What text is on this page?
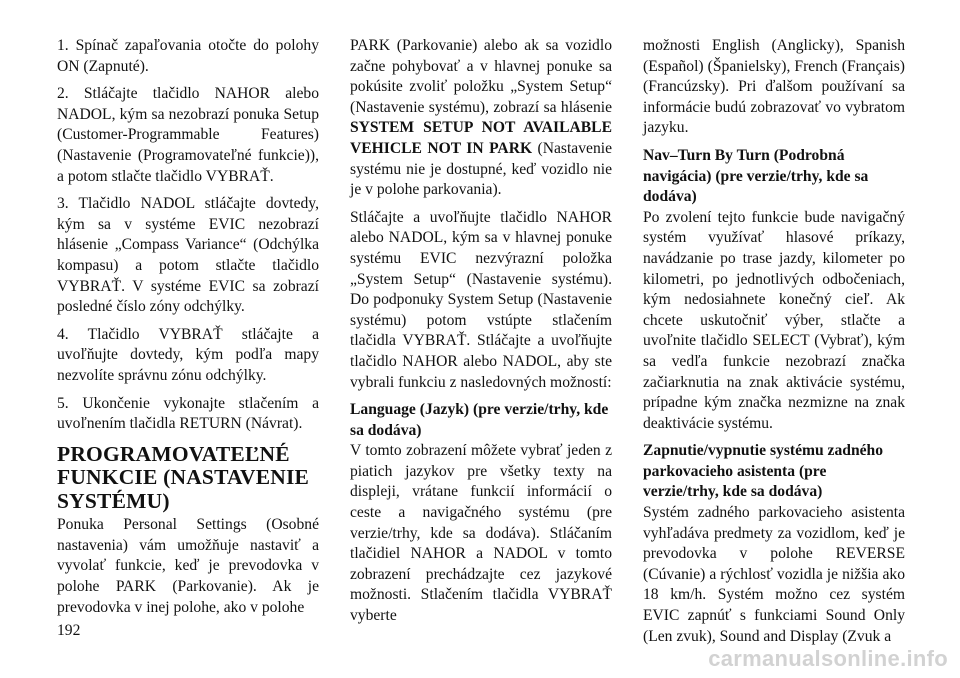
1. Spínač zapaľovania otočte do polohy ON (Zapnuté).

2. Stláčajte tlačidlo NAHOR alebo NADOL, kým sa nezobrazí ponuka Setup (Customer-Programmable Features) (Nastavenie (Programovateľné funkcie)), a potom stlačte tlačidlo VYBRAŤ.

3. Tlačidlo NADOL stláčajte dovtedy, kým sa v systéme EVIC nezobrazí hlásenie „Compass Variance“ (Odchýlka kompasu) a potom stlačte tlačidlo VYBRAŤ. V systéme EVIC sa zobrazí posledné číslo zóny odchýlky.

4. Tlačidlo VYBRAŤ stláčajte a uvoľňujte dovtedy, kým podľa mapy nezvolíte správnu zónu odchýlky.

5. Ukončenie vykonajte stlačením a uvoľnením tlačidla RETURN (Návrat).

PROGRAMOVATEĽNÉ FUNKCIE (NASTAVENIE SYSTÉMU)

Ponuka Personal Settings (Osobné nastavenia) vám umožňuje nastaviť a vyvolať funkcie, keď je prevodovka v polohe PARK (Parkovanie). Ak je prevodovka v inej polohe, ako v polohe

PARK (Parkovanie) alebo ak sa vozidlo začne pohybovať a v hlavnej ponuke sa pokúsite zvoliť položku „System Setup“ (Nastavenie systému), zobrazí sa hlásenie SYSTEM SETUP NOT AVAILABLE VEHICLE NOT IN PARK (Nastavenie systému nie je dostupné, keď vozidlo nie je v polohe parkovania).

Stláčajte a uvoľňujte tlačidlo NAHOR alebo NADOL, kým sa v hlavnej ponuke systému EVIC nezvýrazní položka „System Setup“ (Nastavenie systému). Do podponuky System Setup (Nastavenie systému) potom vstúpte stlačením tlačidla VYBRAŤ. Stláčajte a uvoľňujte tlačidlo NAHOR alebo NADOL, aby ste vybrali funkciu z nasledovných možností:

Language (Jazyk) (pre verzie/trhy, kde sa dodáva)

V tomto zobrazení môžete vybrať jeden z piatich jazykov pre všetky texty na displeji, vrátane funkcií informácií o ceste a navigačného systému (pre verzie/trhy, kde sa dodáva). Stláčaním tlačidiel NAHOR a NADOL v tomto zobrazení prechádzajte cez jazykové možnosti. Stlačením tlačidla VYBRAŤ vyberte

možnosti English (Anglicky), Spanish (Español) (Španielsky), French (Français) (Francúzsky). Pri ďalšom používaní sa informácie budú zobrazovať vo vybratom jazyku.

Nav–Turn By Turn (Podrobná navigácia) (pre verzie/trhy, kde sa dodáva)

Po zvolení tejto funkcie bude navigačný systém využívať hlasové príkazy, navádzanie po trase jazdy, kilometer po kilometri, po jednotlivých odbočeniach, kým nedosiahnete konečný cieľ. Ak chcete uskutočniť výber, stlačte a uvoľnite tlačidlo SELECT (Vybrať), kým sa vedľa funkcie nezobrazí značka začiarknutia na znak aktivácie systému, prípadne kým značka nezmizne na znak deaktivácie systému.

Zapnutie/vypnutie systému zadného parkovacieho asistenta (pre verzie/trhy, kde sa dodáva)

Systém zadného parkovacieho asistenta vyhľadáva predmety za vozidlom, keď je prevodovka v polohe REVERSE (Cúvanie) a rýchlosť vozidla je nižšia ako 18 km/h. Systém možno cez systém EVIC zapnúť s funkciami Sound Only (Len zvuk), Sound and Display (Zvuk a

192
carmanualsonline.info
